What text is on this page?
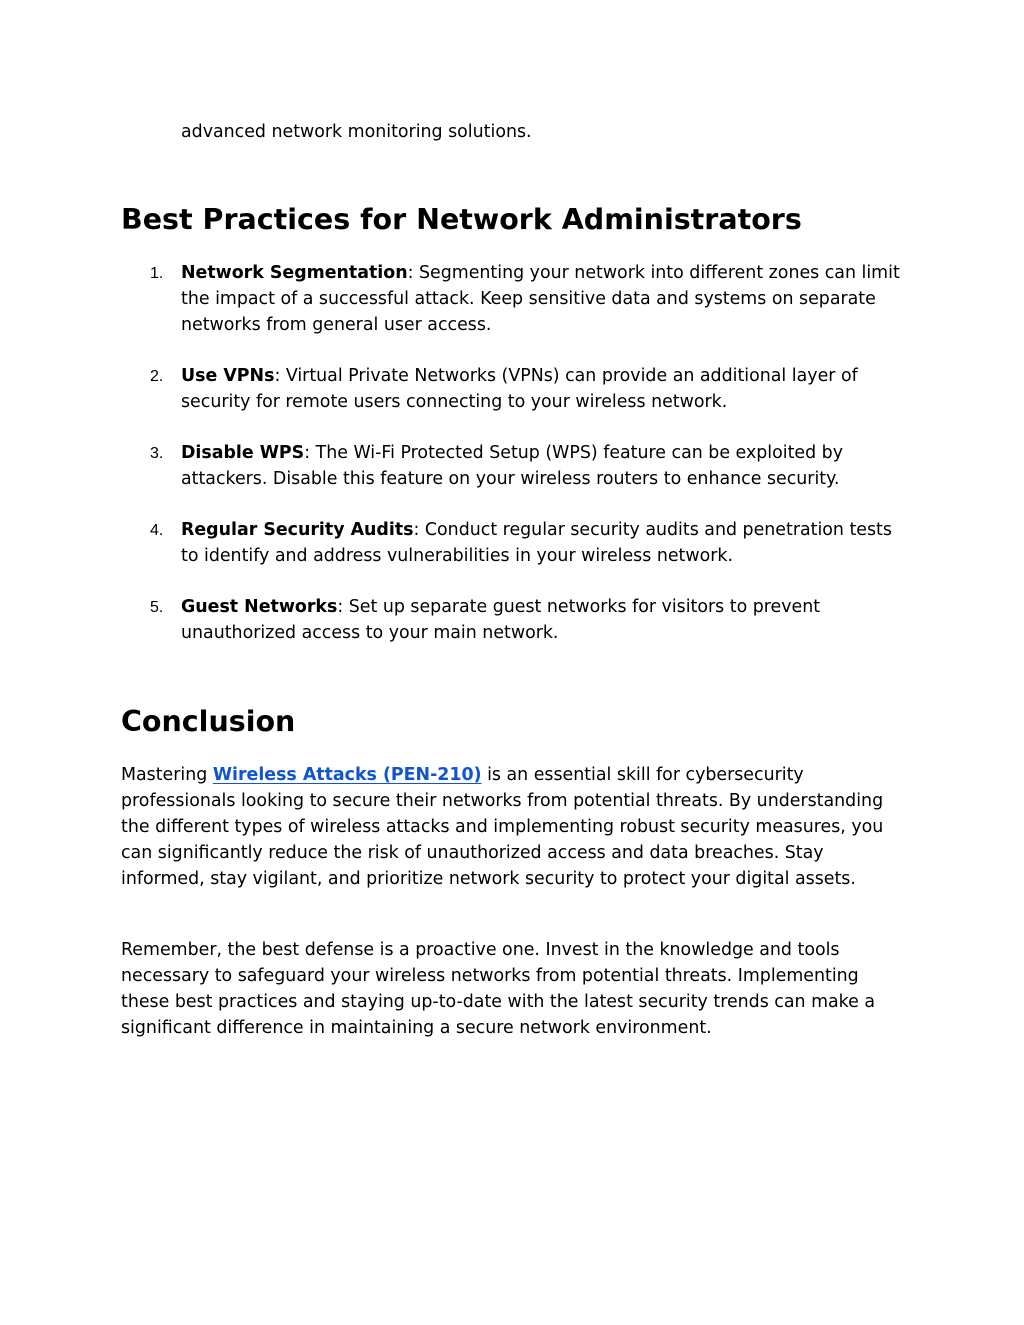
advanced network monitoring solutions.

Best Practices for Network Administrators
1. Network Segmentation: Segmenting your network into different zones can limit the impact of a successful attack. Keep sensitive data and systems on separate networks from general user access.
2. Use VPNs: Virtual Private Networks (VPNs) can provide an additional layer of security for remote users connecting to your wireless network.
3. Disable WPS: The Wi-Fi Protected Setup (WPS) feature can be exploited by attackers. Disable this feature on your wireless routers to enhance security.
4. Regular Security Audits: Conduct regular security audits and penetration tests to identify and address vulnerabilities in your wireless network.
5. Guest Networks: Set up separate guest networks for visitors to prevent unauthorized access to your main network.
Conclusion

Mastering Wireless Attacks (PEN-210) is an essential skill for cybersecurity professionals looking to secure their networks from potential threats. By understanding the different types of wireless attacks and implementing robust security measures, you can significantly reduce the risk of unauthorized access and data breaches. Stay informed, stay vigilant, and prioritize network security to protect your digital assets.

Remember, the best defense is a proactive one. Invest in the knowledge and tools necessary to safeguard your wireless networks from potential threats. Implementing these best practices and staying up-to-date with the latest security trends can make a significant difference in maintaining a secure network environment.
